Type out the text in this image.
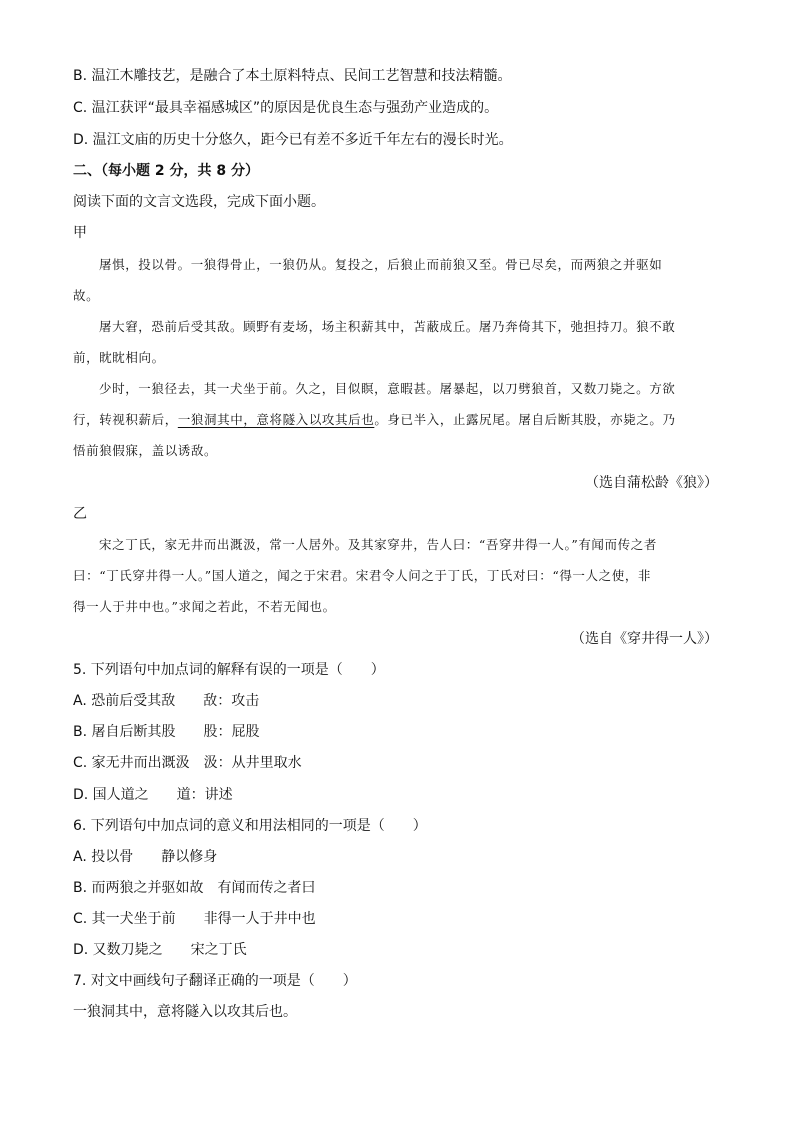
B. 温江木雕技艺，是融合了本土原料特点、民间工艺智慧和技法精髓。
C. 温江获评“最具幸福感城区”的原因是优良生态与强劲产业造成的。
D. 温江文庙的历史十分悠久，距今已有差不多近千年左右的漫长时光。
二、（每小题 2 分，共 8 分）
阅读下面的文言文选段，完成下面小题。
甲
屠惧，投以骨。一狼得骨止，一狼仍从。复投之，后狼止而前狼又至。骨已尽矣，而两狼之并驱如
故。
屠大窘，恐前后受其敌。顾野有麦场，场主积薪其中，苫蔽成丘。屠乃奔倚其下，弛担持刀。狼不敢
前，眈眈相向。
少时，一狼径去，其一犬坐于前。久之，目似瞑，意暇甚。屠暴起，以刀劈狼首，又数刀毙之。方欲
行，转视积薪后，一狼洞其中，意将隧入以攻其后也。身已半入，止露尻尾。屠自后断其股，亦毙之。乃
悟前狼假寐，盖以诱敌。
（选自蒲松龄《狼》）
乙
宋之丁氏，家无井而出溉汲，常一人居外。及其家穿井，告人曰：“吾穿井得一人。”有闻而传之者
曰：“丁氏穿井得一人。”国人道之，闻之于宋君。宋君令人问之于丁氏，丁氏对曰：“得一人之使，非
得一人于井中也。”求闻之若此，不若无闻也。
（选自《穿井得一人》）
5. 下列语句中加点词的解释有误的一项是（　　）
A. 恐前后受其敌　　敌：攻击
B. 屠自后断其股　　股：屁股
C. 家无井而出溉汲　汲：从井里取水
D. 国人道之　　道：讲述
6. 下列语句中加点词的意义和用法相同的一项是（　　）
A. 投以骨　　静以修身
B. 而两狼之并驱如故　有闻而传之者曰
C. 其一犬坐于前　　非得一人于井中也
D. 又数刀毙之　　宋之丁氏
7. 对文中画线句子翻译正确的一项是（　　）
一狼洞其中，意将隧入以攻其后也。
